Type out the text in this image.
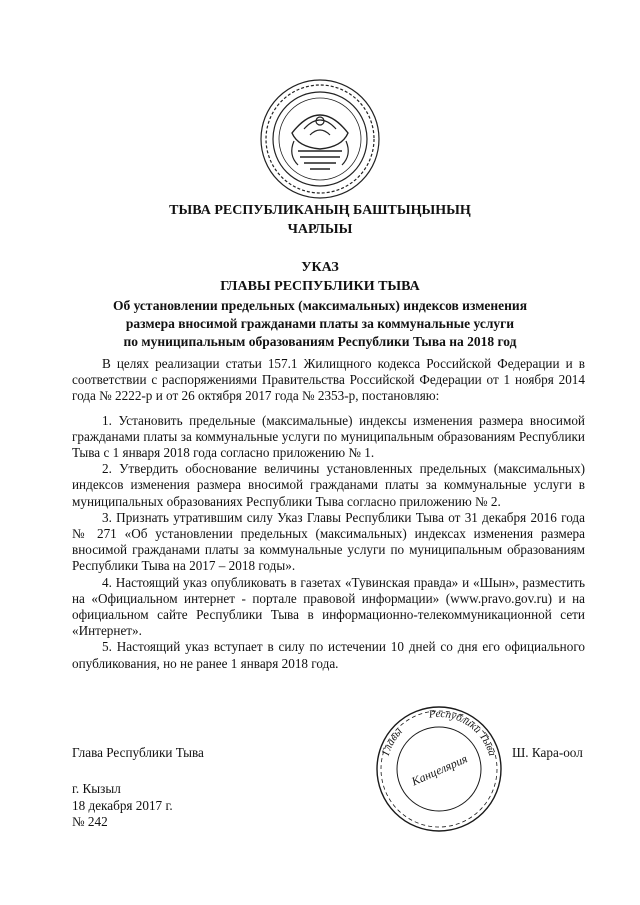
ТЫВА РЕСПУБЛИКАНЫҢ БАШТЫҢЫНЫҢ
ЧАРЛЫЫ
УКАЗ
ГЛАВЫ РЕСПУБЛИКИ ТЫВА
Об установлении предельных (максимальных) индексов изменения
размера вносимой гражданами платы за коммунальные услуги
по муниципальным образованиям Республики Тыва на 2018 год

В целях реализации статьи 157.1 Жилищного кодекса Российской Федерации и в соответствии с распоряжениями Правительства Российской Федерации от 1 ноября 2014 года № 2222-р и от 26 октября 2017 года № 2353-р, постановляю:

1. Установить предельные (максимальные) индексы изменения размера вносимой гражданами платы за коммунальные услуги по муниципальным образованиям Республики Тыва с 1 января 2018 года согласно приложению № 1.

2. Утвердить обоснование величины установленных предельных (максимальных) индексов изменения размера вносимой гражданами платы за коммунальные услуги в муниципальных образованиях Республики Тыва согласно приложению № 2.

3. Признать утратившим силу Указ Главы Республики Тыва от 31 декабря 2016 года № 271 «Об установлении предельных (максимальных) индексах изменения размера вносимой гражданами платы за коммунальные услуги по муниципальным образованиям Республики Тыва на 2017 – 2018 годы».

4. Настоящий указ опубликовать в газетах «Тувинская правда» и «Шын», разместить на «Официальном интернет - портале правовой информации» (www.pravo.gov.ru) и на официальном сайте Республики Тыва в информационно-телекоммуникационной сети «Интернет».

5. Настоящий указ вступает в силу по истечении 10 дней со дня его официального опубликования, но не ранее 1 января 2018 года.

Глава Республики Тыва	Ш. Кара-оол
Главы
Республики Тыва
Канцелярия
г. Кызыл
18 декабря 2017 г.
№ 242
